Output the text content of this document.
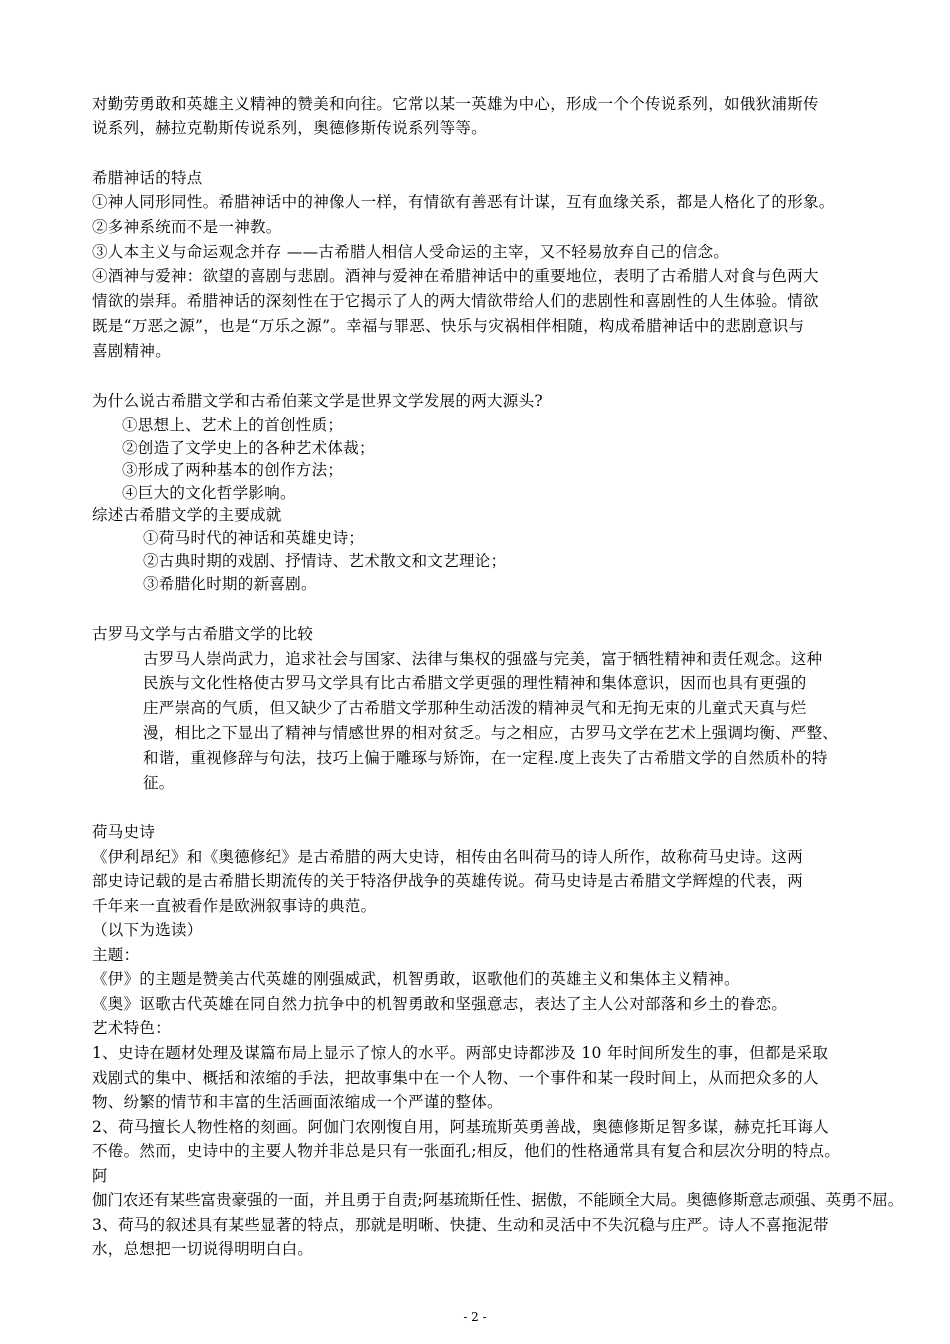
对勤劳勇敢和英雄主义精神的赞美和向往。它常以某一英雄为中心，形成一个个传说系列，如俄狄浦斯传
说系列，赫拉克勒斯传说系列，奥德修斯传说系列等等。
希腊神话的特点
①神人同形同性。希腊神话中的神像人一样，有情欲有善恶有计谋，互有血缘关系，都是人格化了的形象。
②多神系统而不是一神教。
③人本主义与命运观念并存 ——古希腊人相信人受命运的主宰，又不轻易放弃自己的信念。
④酒神与爱神：欲望的喜剧与悲剧。酒神与爱神在希腊神话中的重要地位，表明了古希腊人对食与色两大
情欲的崇拜。希腊神话的深刻性在于它揭示了人的两大情欲带给人们的悲剧性和喜剧性的人生体验。情欲
既是“万恶之源”，也是“万乐之源”。幸福与罪恶、快乐与灾祸相伴相随，构成希腊神话中的悲剧意识与
喜剧精神。
为什么说古希腊文学和古希伯莱文学是世界文学发展的两大源头?
①思想上、艺术上的首创性质；
②创造了文学史上的各种艺术体裁；
③形成了两种基本的创作方法；
④巨大的文化哲学影响。
综述古希腊文学的主要成就
①荷马时代的神话和英雄史诗；
②古典时期的戏剧、抒情诗、艺术散文和文艺理论；
③希腊化时期的新喜剧。
古罗马文学与古希腊文学的比较
古罗马人崇尚武力，追求社会与国家、法律与集权的强盛与完美，富于牺牲精神和责任观念。这种
民族与文化性格使古罗马文学具有比古希腊文学更强的理性精神和集体意识，因而也具有更强的
庄严崇高的气质，但又缺少了古希腊文学那种生动活泼的精神灵气和无拘无束的儿童式天真与烂
漫，相比之下显出了精神与情感世界的相对贫乏。与之相应，古罗马文学在艺术上强调均衡、严整、
和谐，重视修辞与句法，技巧上偏于雕琢与矫饰，在一定程.度上丧失了古希腊文学的自然质朴的特
征。
荷马史诗
《伊利昂纪》和《奥德修纪》是古希腊的两大史诗，相传由名叫荷马的诗人所作，故称荷马史诗。这两
部史诗记载的是古希腊长期流传的关于特洛伊战争的英雄传说。荷马史诗是古希腊文学辉煌的代表，两
千年来一直被看作是欧洲叙事诗的典范。
（以下为选读）
主题：
《伊》的主题是赞美古代英雄的刚强威武，机智勇敢，讴歌他们的英雄主义和集体主义精神。
《奥》讴歌古代英雄在同自然力抗争中的机智勇敢和坚强意志，表达了主人公对部落和乡土的眷恋。
艺术特色：
1、史诗在题材处理及谋篇布局上显示了惊人的水平。两部史诗都涉及 10 年时间所发生的事，但都是采取
戏剧式的集中、概括和浓缩的手法，把故事集中在一个人物、一个事件和某一段时间上，从而把众多的人
物、纷繁的情节和丰富的生活画面浓缩成一个严谨的整体。
2、荷马擅长人物性格的刻画。阿伽门农刚愎自用，阿基琉斯英勇善战，奥德修斯足智多谋，赫克托耳诲人
不倦。然而，史诗中的主要人物并非总是只有一张面孔;相反，他们的性格通常具有复合和层次分明的特点。
阿
伽门农还有某些富贵豪强的一面，并且勇于自责;阿基琉斯任性、据傲，不能顾全大局。奥德修斯意志顽强、英勇不屈。
3、荷马的叙述具有某些显著的特点，那就是明晰、快捷、生动和灵活中不失沉稳与庄严。诗人不喜拖泥带
水，总想把一切说得明明白白。
- 2 -
